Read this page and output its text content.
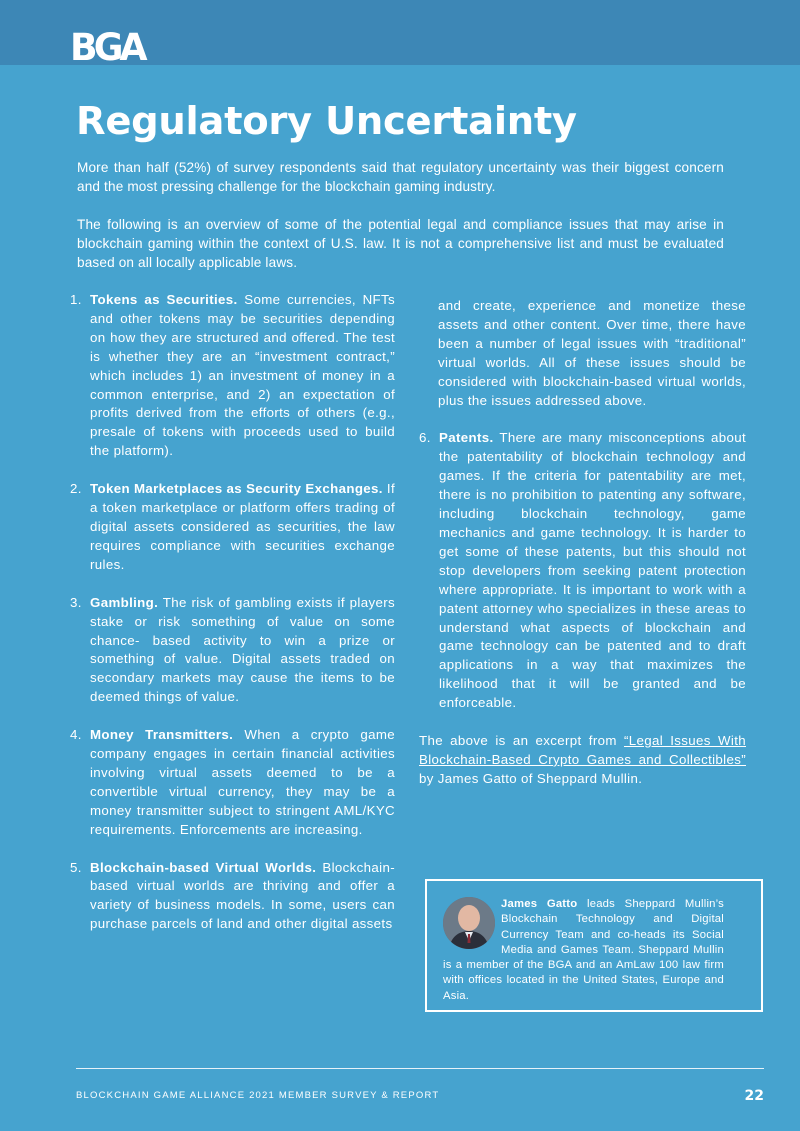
BGA
Regulatory Uncertainty

More than half (52%) of survey respondents said that regulatory uncertainty was their biggest concern and the most pressing challenge for the blockchain gaming industry.

The following is an overview of some of the potential legal and compliance issues that may arise in blockchain gaming within the context of U.S. law. It is not a comprehensive list and must be evaluated based on all locally applicable laws.

1. Tokens as Securities. Some currencies, NFTs and other tokens may be securities depending on how they are structured and offered. The test is whether they are an “investment contract,” which includes 1) an investment of money in a common enterprise, and 2) an expectation of profits derived from the efforts of others (e.g., presale of tokens with proceeds used to build the platform).
2. Token Marketplaces as Security Exchanges. If a token marketplace or platform offers trading of digital assets considered as securities, the law requires compliance with securities exchange rules.
3. Gambling. The risk of gambling exists if players stake or risk something of value on some chance- based activity to win a prize or something of value. Digital assets traded on secondary markets may cause the items to be deemed things of value.
4. Money Transmitters. When a crypto game company engages in certain financial activities involving virtual assets deemed to be a convertible virtual currency, they may be a money transmitter subject to stringent AML/KYC requirements. Enforcements are increasing.
5. Blockchain-based Virtual Worlds. Blockchain-based virtual worlds are thriving and offer a variety of business models. In some, users can purchase parcels of land and other digital assets
and create, experience and monetize these assets and other content. Over time, there have been a number of legal issues with “traditional” virtual worlds. All of these issues should be considered with blockchain-based virtual worlds, plus the issues addressed above.
6. Patents. There are many misconceptions about the patentability of blockchain technology and games. If the criteria for patentability are met, there is no prohibition to patenting any software, including blockchain technology, game mechanics and game technology. It is harder to get some of these patents, but this should not stop developers from seeking patent protection where appropriate. It is important to work with a patent attorney who specializes in these areas to understand what aspects of blockchain and game technology can be patented and to draft applications in a way that maximizes the likelihood that it will be granted and be enforceable.
The above is an excerpt from “Legal Issues With Blockchain-Based Crypto Games and Collectibles” by James Gatto of Sheppard Mullin.
James Gatto leads Sheppard Mullin’s Blockchain Technology and Digital Currency Team and co-heads its Social Media and Games Team. Sheppard Mullin is a member of the BGA and an AmLaw 100 law firm with offices located in the United States, Europe and Asia.
BLOCKCHAIN GAME ALLIANCE 2021 MEMBER SURVEY & REPORT	22
